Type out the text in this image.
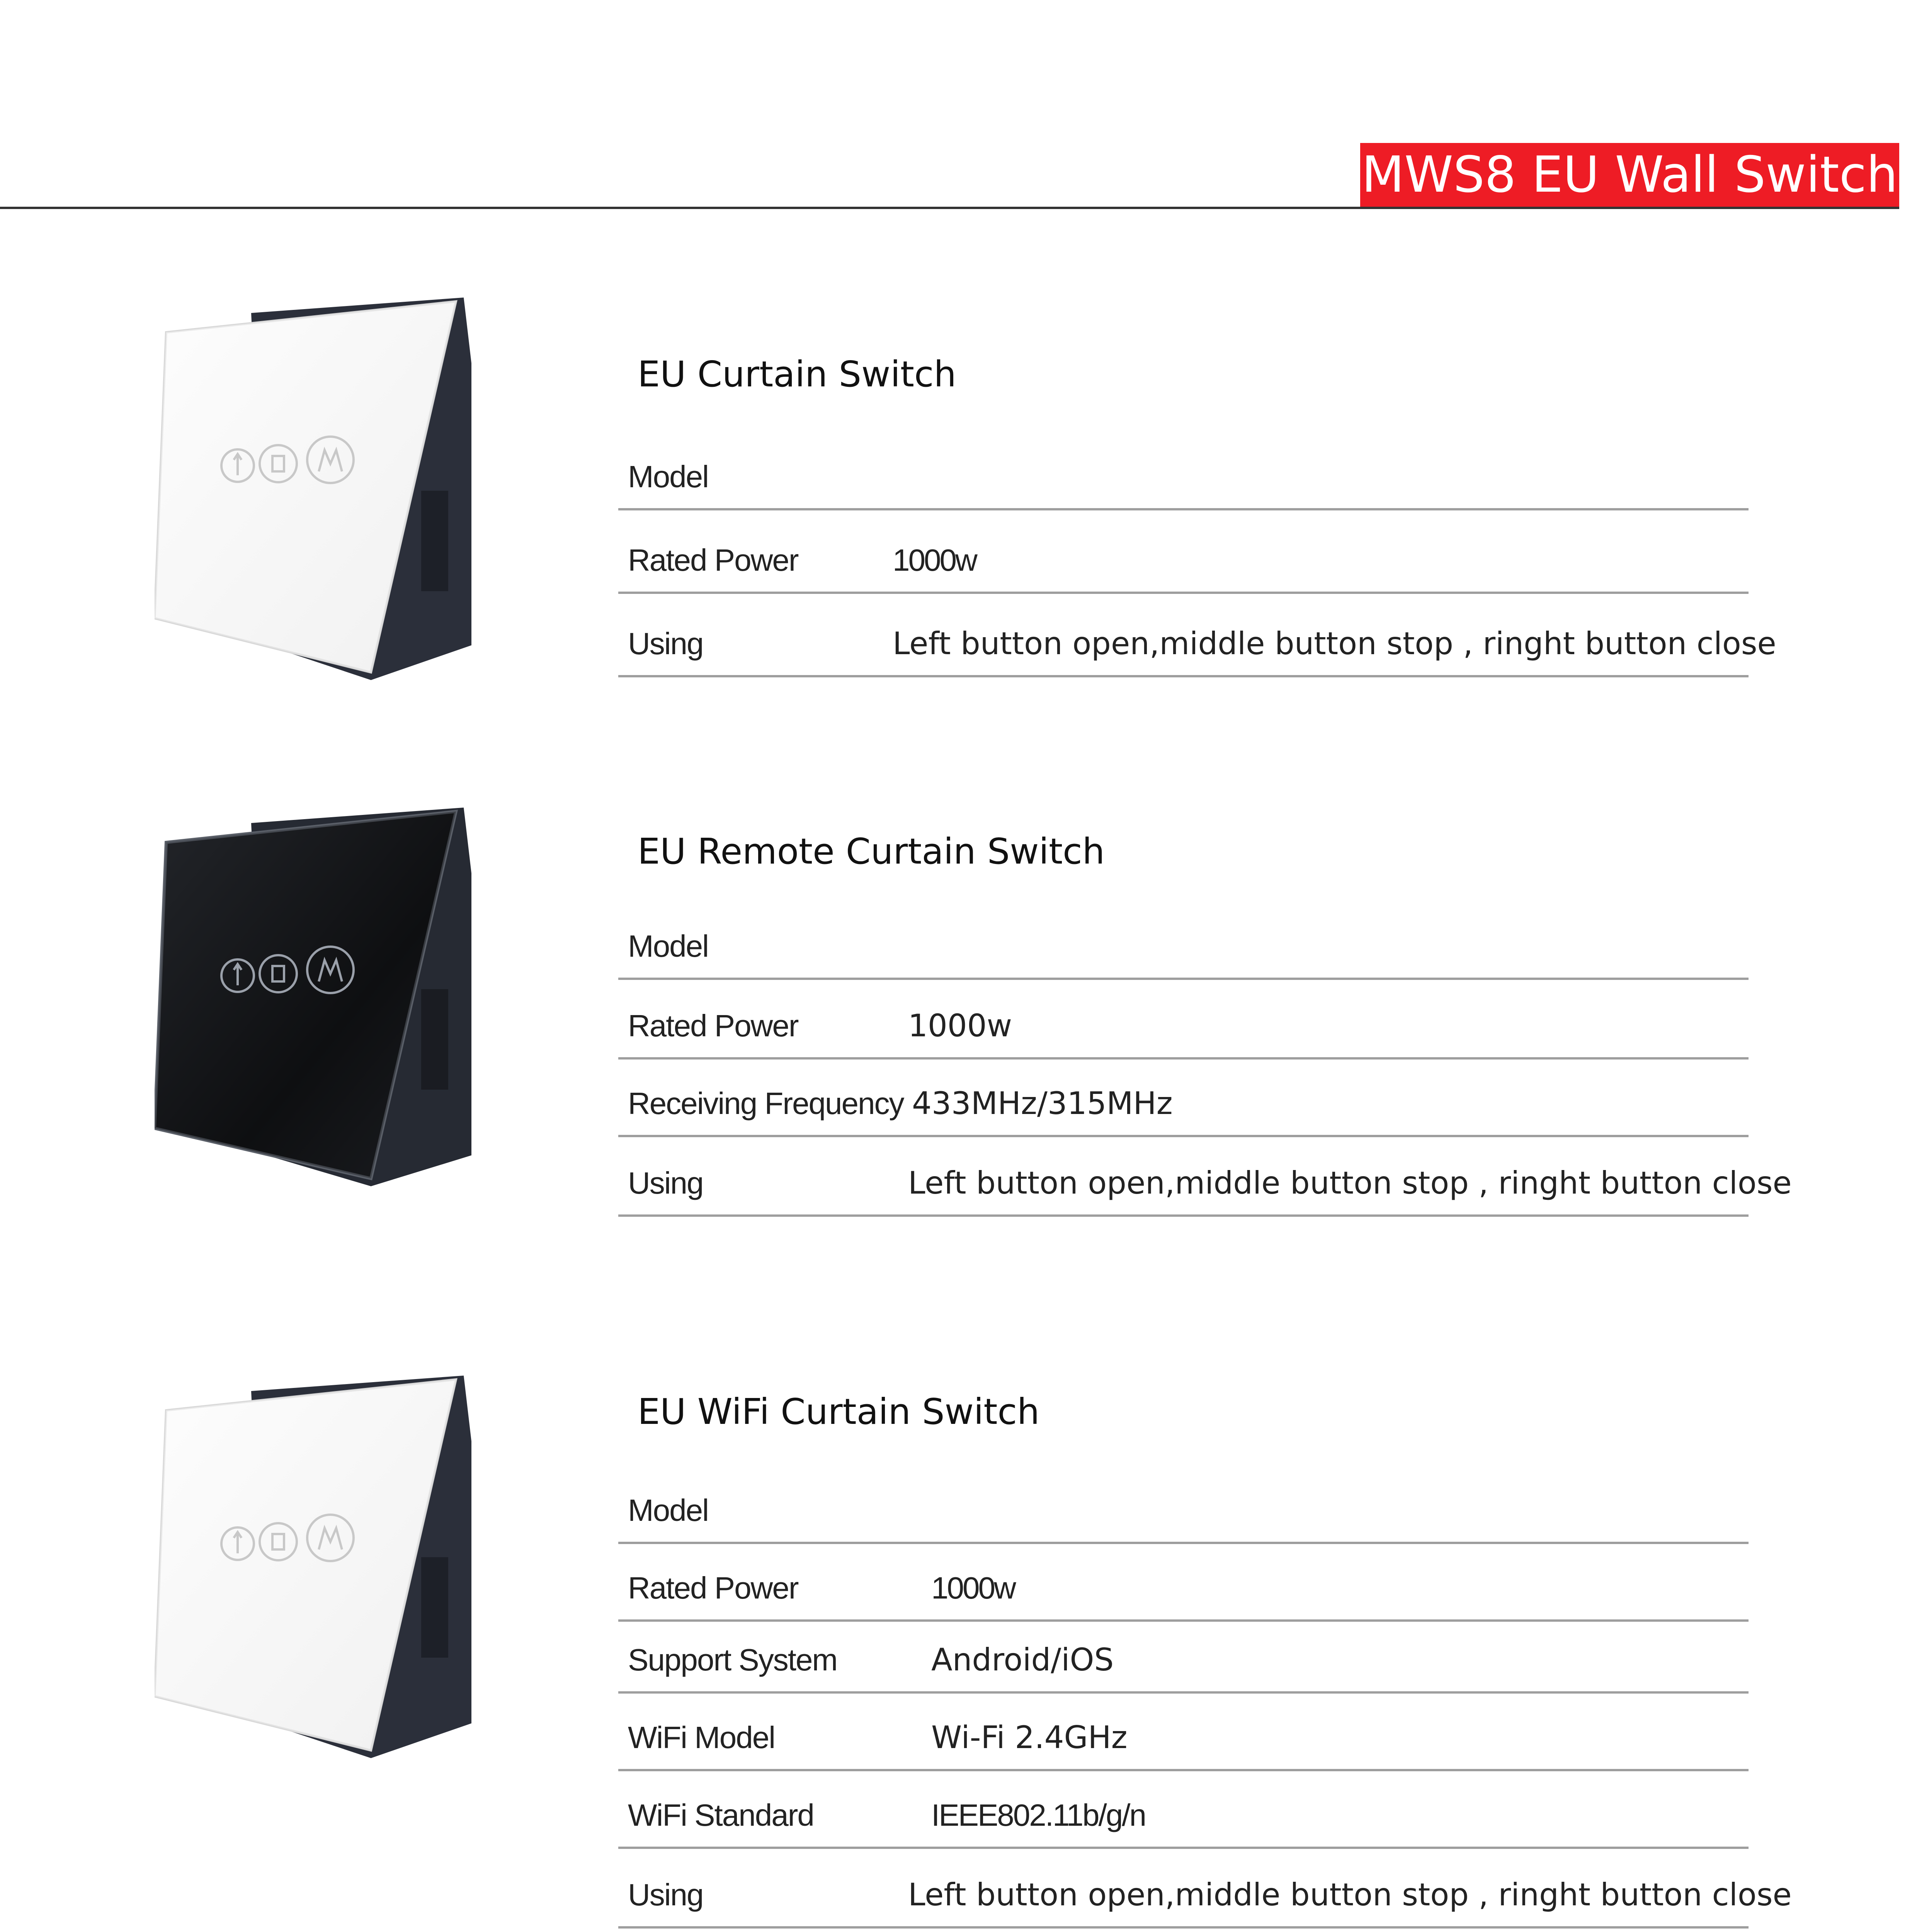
MWS8 EU Wall Switch
EU Curtain Switch
Model
Rated Power	1000w
Using	Left button open,middle button stop , ringht button close
EU Remote Curtain Switch
Model
Rated Power	1000w
Receiving Frequency 433MHz/315MHz
Using	Left button open,middle button stop , ringht button close
EU WiFi Curtain Switch
Model
Rated Power	1000w
Support System	Android/iOS
WiFi Model	Wi-Fi 2.4GHz
WiFi Standard	IEEE802.11b/g/n
Using	Left button open,middle button stop , ringht button close
